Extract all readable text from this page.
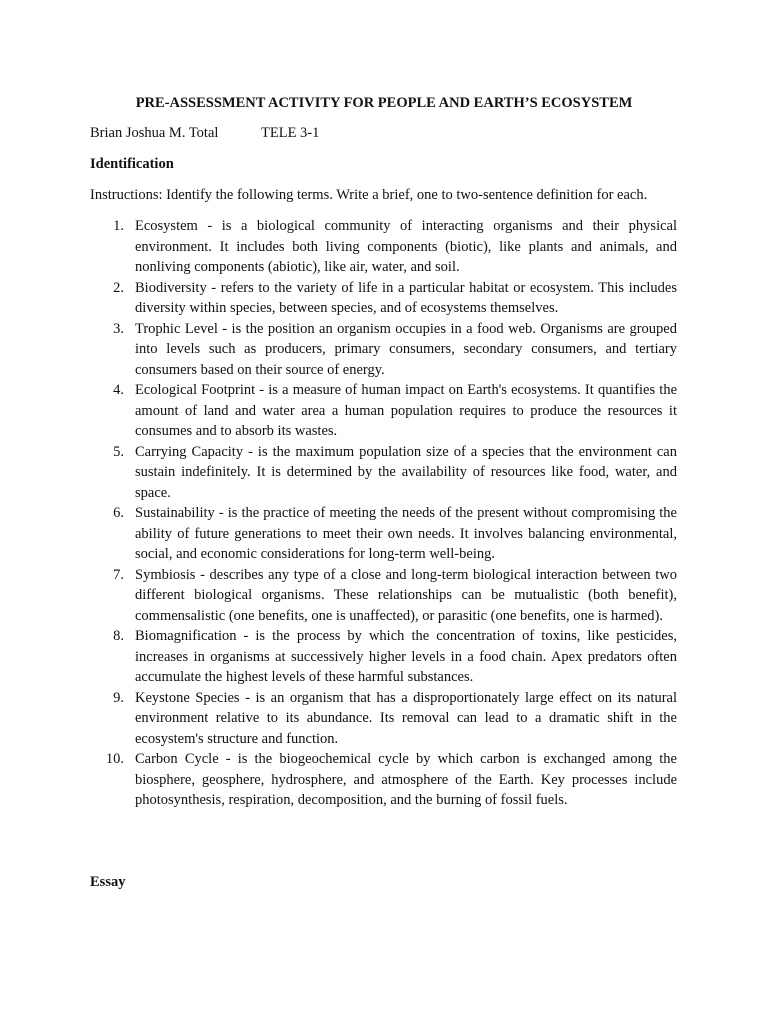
PRE-ASSESSMENT ACTIVITY FOR PEOPLE AND EARTH’S ECOSYSTEM
Brian Joshua M. Total	TELE 3-1
Identification
Instructions: Identify the following terms. Write a brief, one to two-sentence definition for each.
1. Ecosystem - is a biological community of interacting organisms and their physical environment. It includes both living components (biotic), like plants and animals, and nonliving components (abiotic), like air, water, and soil.
2. Biodiversity - refers to the variety of life in a particular habitat or ecosystem. This includes diversity within species, between species, and of ecosystems themselves.
3. Trophic Level - is the position an organism occupies in a food web. Organisms are grouped into levels such as producers, primary consumers, secondary consumers, and tertiary consumers based on their source of energy.
4. Ecological Footprint - is a measure of human impact on Earth's ecosystems. It quantifies the amount of land and water area a human population requires to produce the resources it consumes and to absorb its wastes.
5. Carrying Capacity - is the maximum population size of a species that the environment can sustain indefinitely. It is determined by the availability of resources like food, water, and space.
6. Sustainability - is the practice of meeting the needs of the present without compromising the ability of future generations to meet their own needs. It involves balancing environmental, social, and economic considerations for long-term well-being.
7. Symbiosis - describes any type of a close and long-term biological interaction between two different biological organisms. These relationships can be mutualistic (both benefit), commensalistic (one benefits, one is unaffected), or parasitic (one benefits, one is harmed).
8. Biomagnification - is the process by which the concentration of toxins, like pesticides, increases in organisms at successively higher levels in a food chain. Apex predators often accumulate the highest levels of these harmful substances.
9. Keystone Species - is an organism that has a disproportionately large effect on its natural environment relative to its abundance. Its removal can lead to a dramatic shift in the ecosystem's structure and function.
10. Carbon Cycle - is the biogeochemical cycle by which carbon is exchanged among the biosphere, geosphere, hydrosphere, and atmosphere of the Earth. Key processes include photosynthesis, respiration, decomposition, and the burning of fossil fuels.
Essay
